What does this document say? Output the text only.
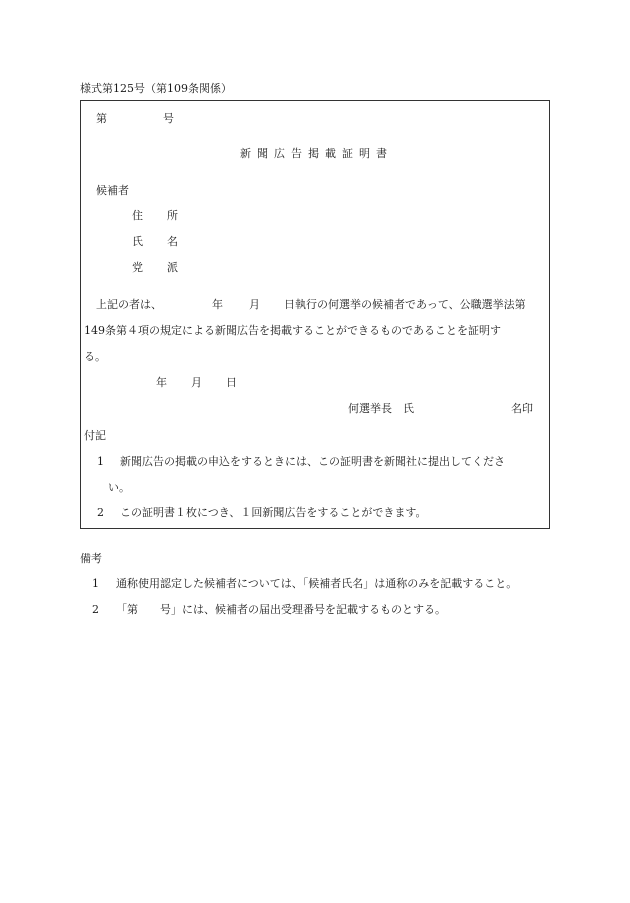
様式第125号（第109条関係）
第	号
新聞広告掲載証明書
候補者
住 所
氏 名
党 派
上記の者は、	年 月 日執行の何選挙の候補者であって、公職選挙法第
149条第４項の規定による新聞広告を掲載することができるものであることを証明す
る。
年 月 日
何選挙長　氏	名印
付記
1 新聞広告の掲載の申込をするときには、この証明書を新聞社に提出してくださ
い。
2 この証明書１枚につき、１回新聞広告をすることができます。
備考
1 通称使用認定した候補者については、「候補者氏名」は通称のみを記載すること。
2 「第　　号」には、候補者の届出受理番号を記載するものとする。
